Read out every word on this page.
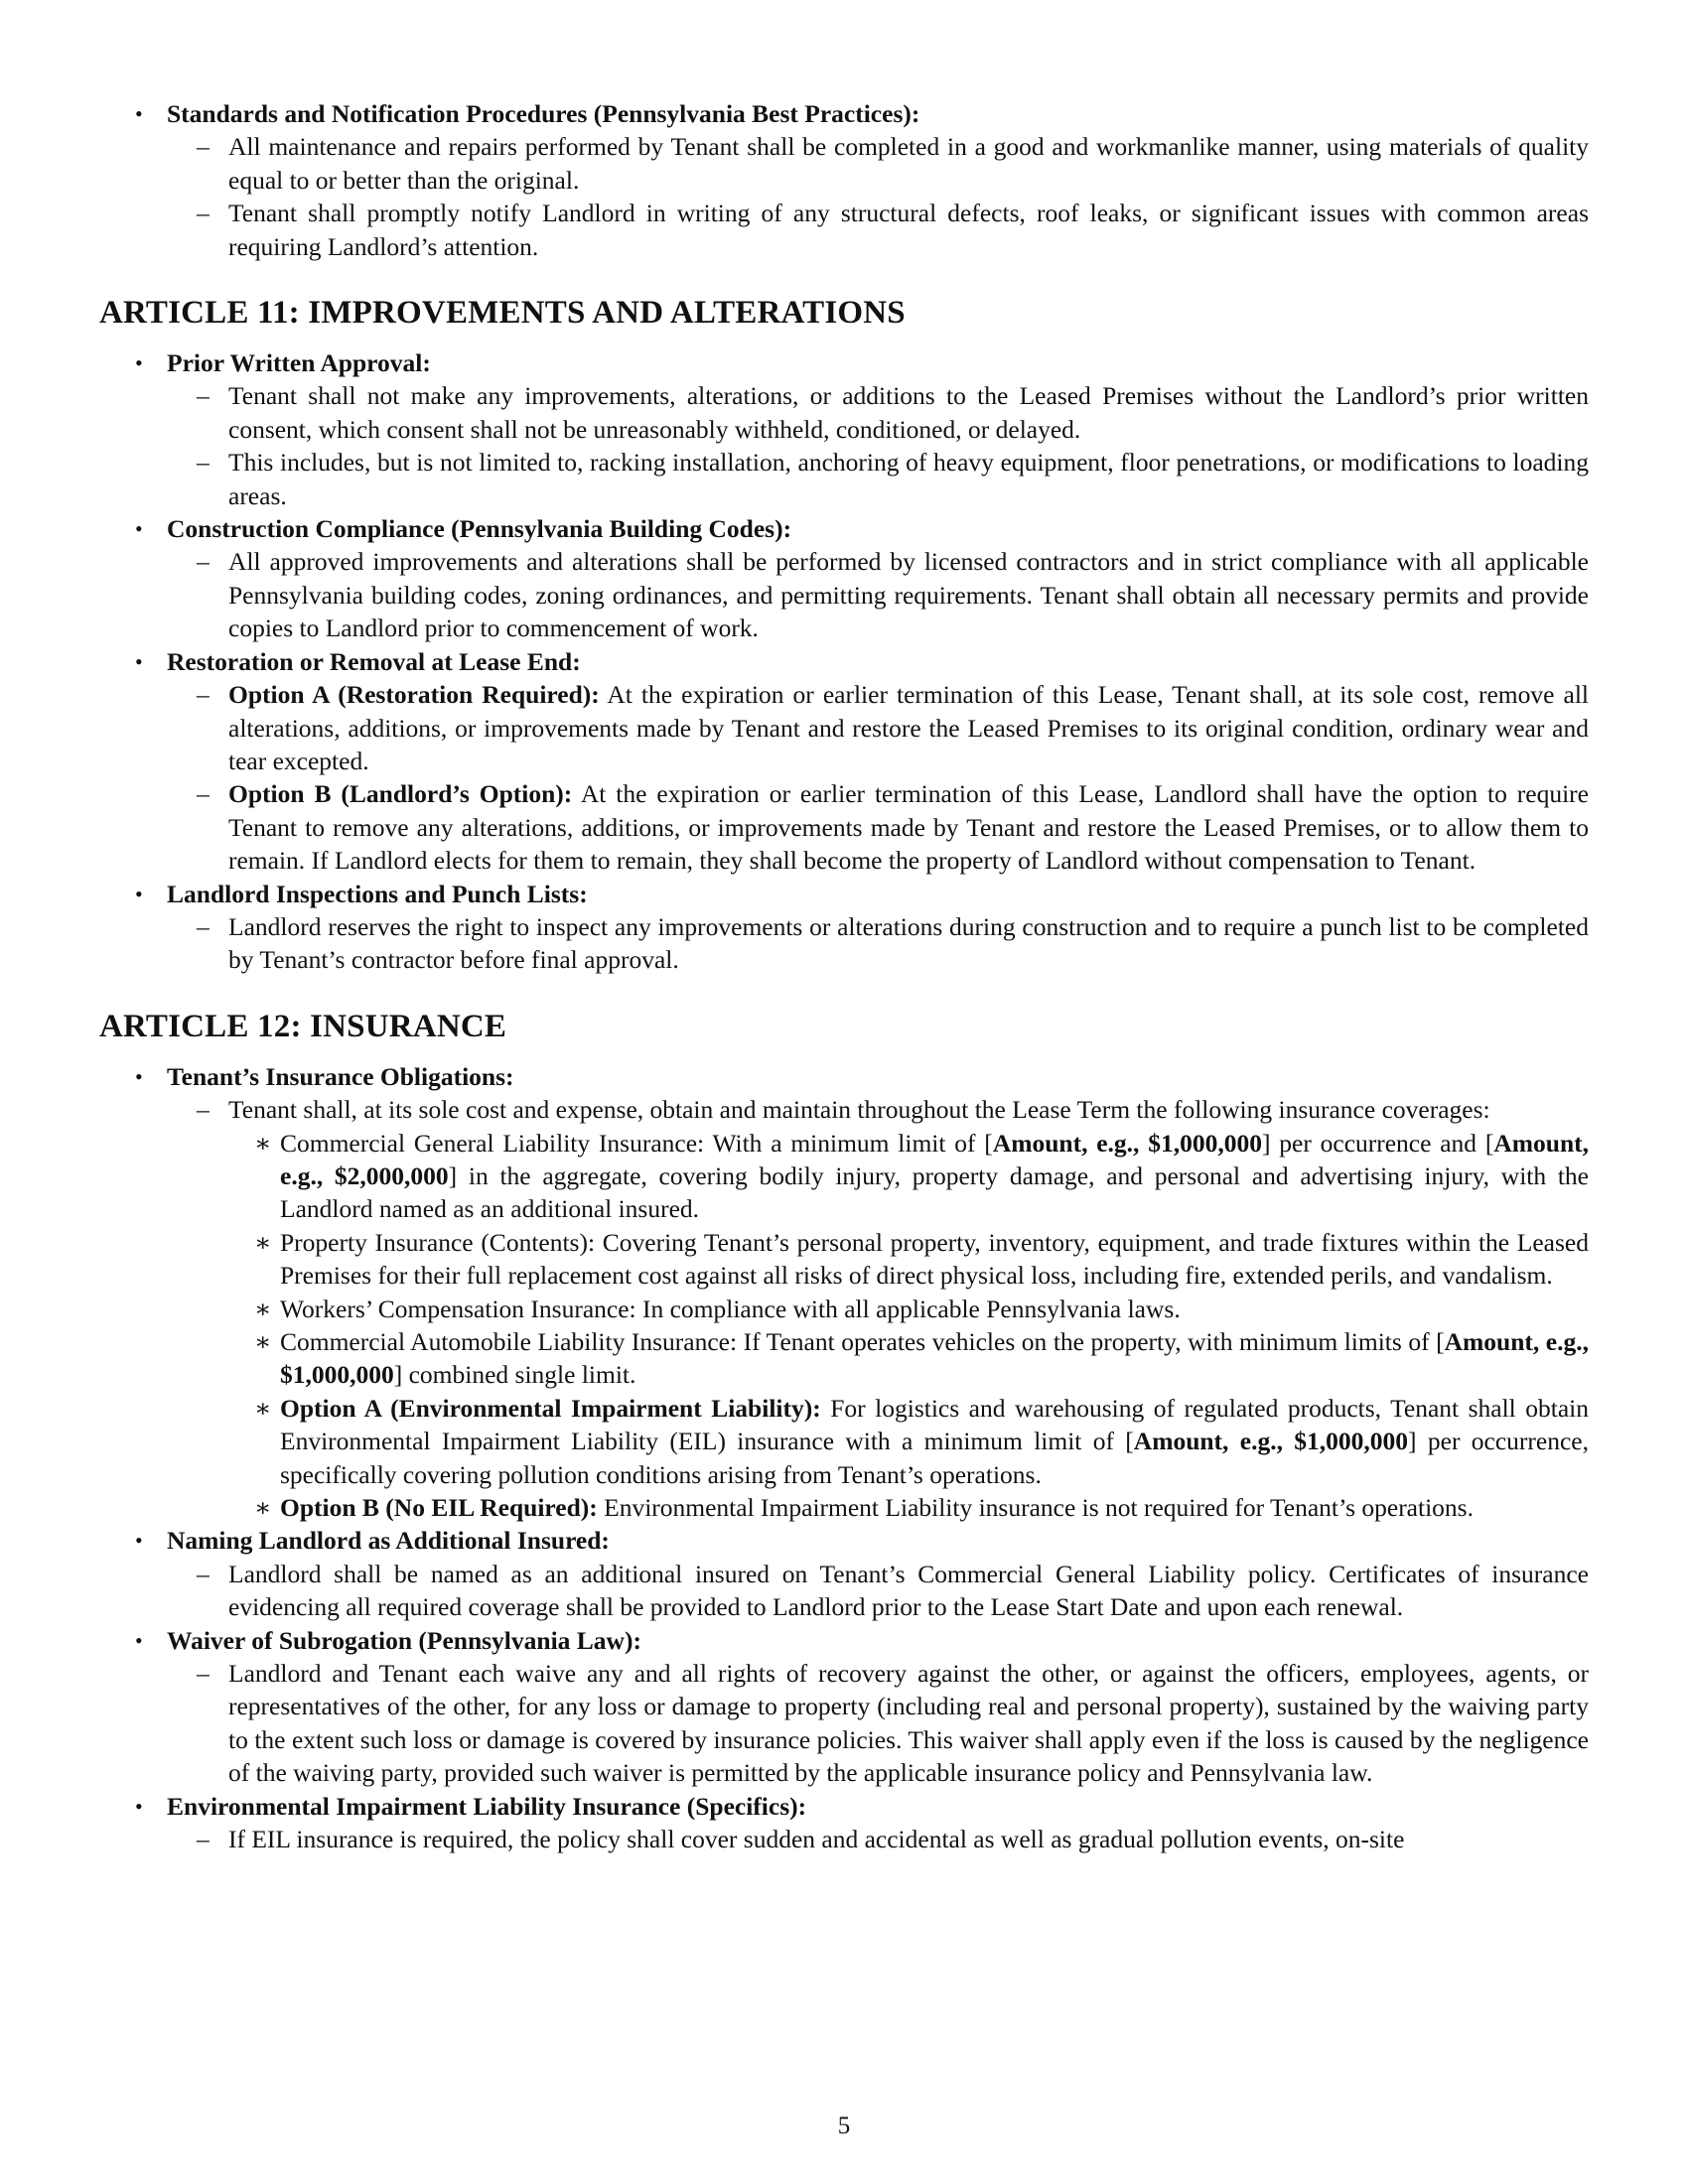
• Standards and Notification Procedures (Pennsylvania Best Practices):
– All maintenance and repairs performed by Tenant shall be completed in a good and workmanlike manner, using materials of quality equal to or better than the original.
– Tenant shall promptly notify Landlord in writing of any structural defects, roof leaks, or significant issues with common areas requiring Landlord’s attention.
ARTICLE 11: IMPROVEMENTS AND ALTERATIONS
• Prior Written Approval:
– Tenant shall not make any improvements, alterations, or additions to the Leased Premises without the Landlord’s prior written consent, which consent shall not be unreasonably withheld, conditioned, or delayed.
– This includes, but is not limited to, racking installation, anchoring of heavy equipment, floor penetrations, or modifications to loading areas.
• Construction Compliance (Pennsylvania Building Codes):
– All approved improvements and alterations shall be performed by licensed contractors and in strict compliance with all applicable Pennsylvania building codes, zoning ordinances, and permitting requirements. Tenant shall obtain all necessary permits and provide copies to Landlord prior to commencement of work.
• Restoration or Removal at Lease End:
– Option A (Restoration Required): At the expiration or earlier termination of this Lease, Tenant shall, at its sole cost, remove all alterations, additions, or improvements made by Tenant and restore the Leased Premises to its original condition, ordinary wear and tear excepted.
– Option B (Landlord’s Option): At the expiration or earlier termination of this Lease, Landlord shall have the option to require Tenant to remove any alterations, additions, or improvements made by Tenant and restore the Leased Premises, or to allow them to remain. If Landlord elects for them to remain, they shall become the property of Landlord without compensation to Tenant.
• Landlord Inspections and Punch Lists:
– Landlord reserves the right to inspect any improvements or alterations during construction and to require a punch list to be completed by Tenant’s contractor before final approval.
ARTICLE 12: INSURANCE
• Tenant’s Insurance Obligations:
– Tenant shall, at its sole cost and expense, obtain and maintain throughout the Lease Term the following insurance coverages:
∗ Commercial General Liability Insurance: With a minimum limit of [Amount, e.g., $1,000,000] per occurrence and [Amount, e.g., $2,000,000] in the aggregate, covering bodily injury, property damage, and personal and advertising injury, with the Landlord named as an additional insured.
∗ Property Insurance (Contents): Covering Tenant’s personal property, inventory, equipment, and trade fixtures within the Leased Premises for their full replacement cost against all risks of direct physical loss, including fire, extended perils, and vandalism.
∗ Workers’ Compensation Insurance: In compliance with all applicable Pennsylvania laws.
∗ Commercial Automobile Liability Insurance: If Tenant operates vehicles on the property, with minimum limits of [Amount, e.g., $1,000,000] combined single limit.
∗ Option A (Environmental Impairment Liability): For logistics and warehousing of regulated products, Tenant shall obtain Environmental Impairment Liability (EIL) insurance with a minimum limit of [Amount, e.g., $1,000,000] per occurrence, specifically covering pollution conditions arising from Tenant’s operations.
∗ Option B (No EIL Required): Environmental Impairment Liability insurance is not required for Tenant’s operations.
• Naming Landlord as Additional Insured:
– Landlord shall be named as an additional insured on Tenant’s Commercial General Liability policy. Certificates of insurance evidencing all required coverage shall be provided to Landlord prior to the Lease Start Date and upon each renewal.
• Waiver of Subrogation (Pennsylvania Law):
– Landlord and Tenant each waive any and all rights of recovery against the other, or against the officers, employees, agents, or representatives of the other, for any loss or damage to property (including real and personal property), sustained by the waiving party to the extent such loss or damage is covered by insurance policies. This waiver shall apply even if the loss is caused by the negligence of the waiving party, provided such waiver is permitted by the applicable insurance policy and Pennsylvania law.
• Environmental Impairment Liability Insurance (Specifics):
– If EIL insurance is required, the policy shall cover sudden and accidental as well as gradual pollution events, on-site
5
